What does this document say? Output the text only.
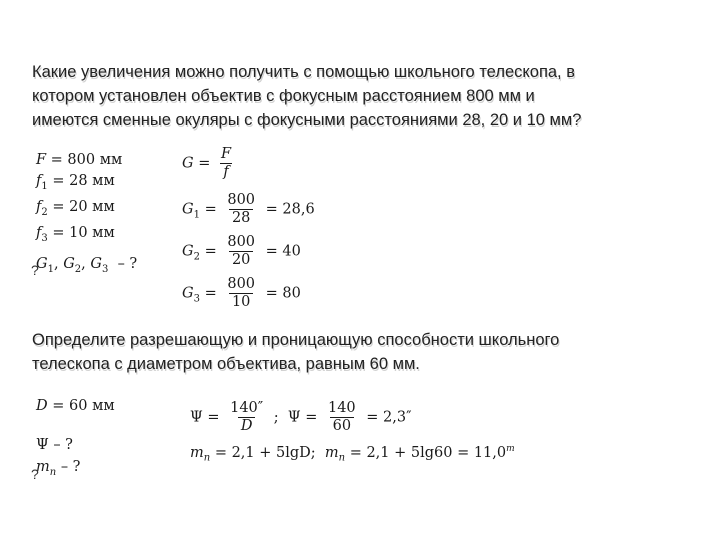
Какие увеличения можно получить с помощью школьного телескопа, в
котором установлен объектив с фокусным расстоянием 800 мм и
имеются сменные окуляры с фокусными расстояниями 28, 20 и 10 мм?
F = 800 мм
$f_1 = 28$ мм
$f_2 = 20$ мм
$f_3 = 10$ мм
$G_1$, $G_2$, $G_3$ – ?
?
$G = \frac{F}{f}$
$G_1 = \frac{800}{28} = 28,6$
$G_2 = \frac{800}{20} = 40$
$G_3 = \frac{800}{10} = 80$
Определите разрешающую и проницающую способности школьного
телескопа с диаметром объектива, равным 60 мм.
D = 60 мм
Ψ – ?
$m_n$ – ?
?
$\Psi = \frac{140''}{D}$ ;  $\Psi = \frac{140}{60} = 2,3''$
$m_n = 2,1 + 5\lg D$; $m_n = 2,1 + 5\lg 60 = 11,0^m$
